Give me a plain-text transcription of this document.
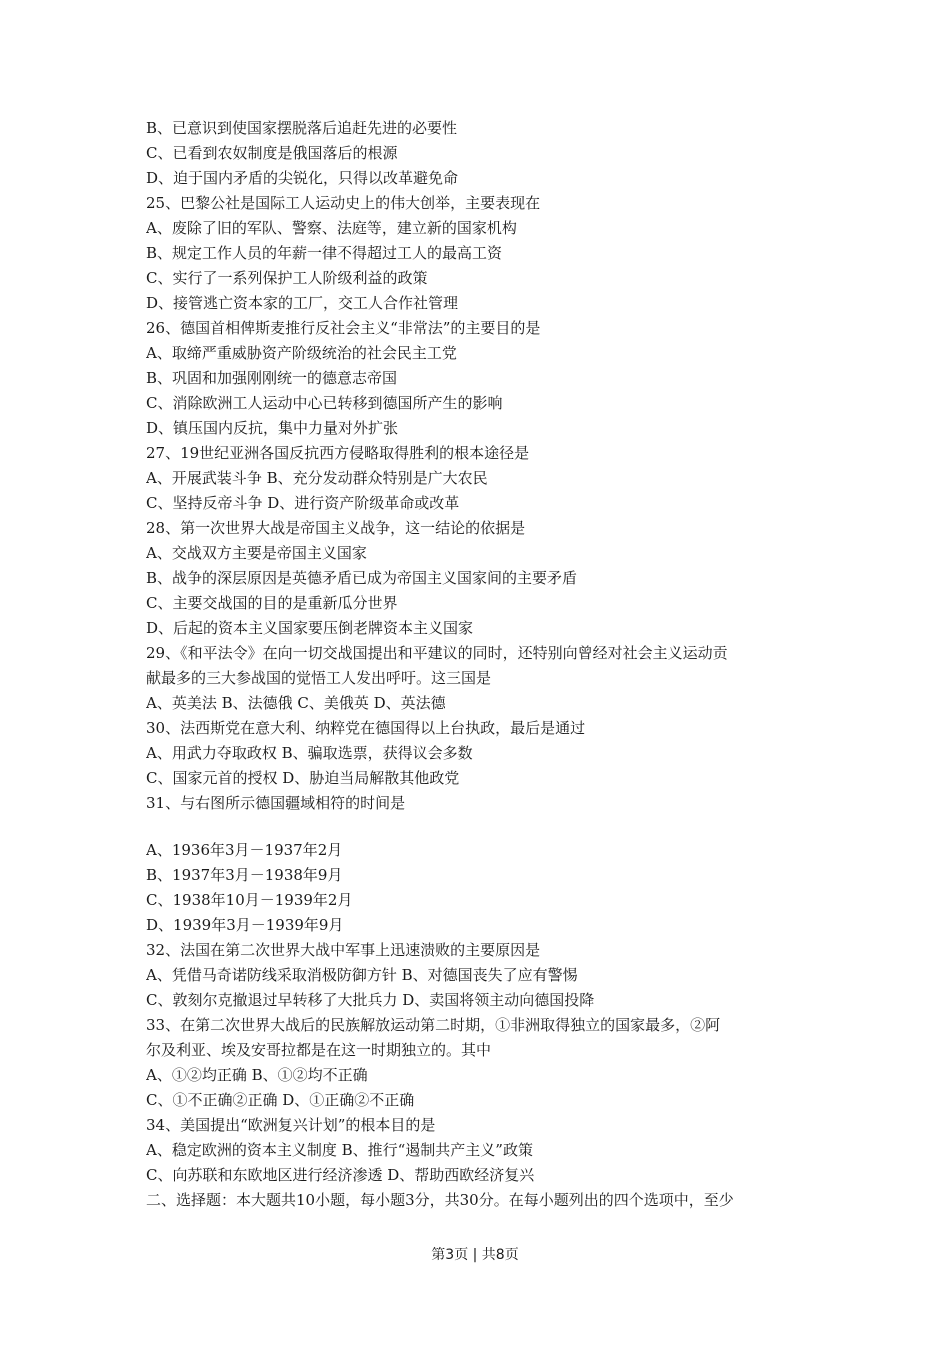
B、已意识到使国家摆脱落后追赶先进的必要性
C、已看到农奴制度是俄国落后的根源
D、迫于国内矛盾的尖锐化，只得以改革避免命
25、巴黎公社是国际工人运动史上的伟大创举，主要表现在
A、废除了旧的军队、警察、法庭等，建立新的国家机构
B、规定工作人员的年薪一律不得超过工人的最高工资
C、实行了一系列保护工人阶级利益的政策
D、接管逃亡资本家的工厂，交工人合作社管理
26、德国首相俾斯麦推行反社会主义“非常法”的主要目的是
A、取缔严重威胁资产阶级统治的社会民主工党
B、巩固和加强刚刚统一的德意志帝国
C、消除欧洲工人运动中心已转移到德国所产生的影响
D、镇压国内反抗，集中力量对外扩张
27、19世纪亚洲各国反抗西方侵略取得胜利的根本途径是
A、开展武装斗争 B、充分发动群众特别是广大农民
C、坚持反帝斗争 D、进行资产阶级革命或改革
28、第一次世界大战是帝国主义战争，这一结论的依据是
A、交战双方主要是帝国主义国家
B、战争的深层原因是英德矛盾已成为帝国主义国家间的主要矛盾
C、主要交战国的目的是重新瓜分世界
D、后起的资本主义国家要压倒老牌资本主义国家
29、《和平法令》在向一切交战国提出和平建议的同时，还特别向曾经对社会主义运动贡
献最多的三大参战国的觉悟工人发出呼吁。这三国是
A、英美法 B、法德俄 C、美俄英 D、英法德
30、法西斯党在意大利、纳粹党在德国得以上台执政，最后是通过
A、用武力夺取政权 B、骗取选票，获得议会多数
C、国家元首的授权 D、胁迫当局解散其他政党
31、与右图所示德国疆域相符的时间是
A、1936年3月－1937年2月
B、1937年3月－1938年9月
C、1938年10月－1939年2月
D、1939年3月－1939年9月
32、法国在第二次世界大战中军事上迅速溃败的主要原因是
A、凭借马奇诺防线采取消极防御方针 B、对德国丧失了应有警惕
C、敦刻尔克撤退过早转移了大批兵力 D、卖国将领主动向德国投降
33、在第二次世界大战后的民族解放运动第二时期，①非洲取得独立的国家最多，②阿
尔及利亚、埃及安哥拉都是在这一时期独立的。其中
A、①②均正确 B、①②均不正确
C、①不正确②正确 D、①正确②不正确
34、美国提出“欧洲复兴计划”的根本目的是
A、稳定欧洲的资本主义制度 B、推行“遏制共产主义”政策
C、向苏联和东欧地区进行经济渗透 D、帮助西欧经济复兴
二、选择题：本大题共10小题，每小题3分，共30分。在每小题列出的四个选项中，至少
第3页 | 共8页
